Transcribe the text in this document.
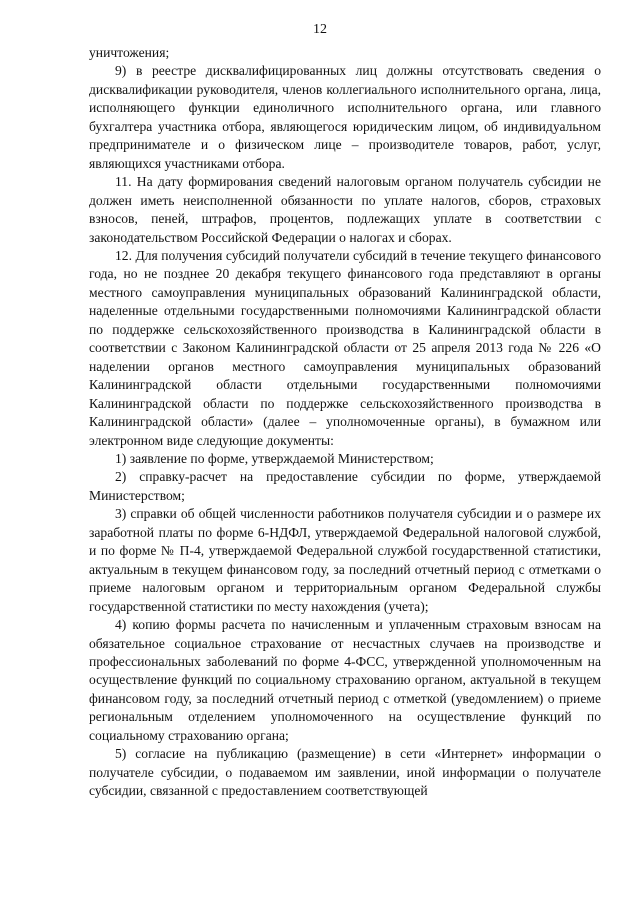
12

уничтожения;

9) в реестре дисквалифицированных лиц должны отсутствовать сведения о дисквалификации руководителя, членов коллегиального исполнительного органа, лица, исполняющего функции единоличного исполнительного органа, или главного бухгалтера участника отбора, являющегося юридическим лицом, об индивидуальном предпринимателе и о физическом лице – производителе товаров, работ, услуг, являющихся участниками отбора.

11. На дату формирования сведений налоговым органом получатель субсидии не должен иметь неисполненной обязанности по уплате налогов, сборов, страховых взносов, пеней, штрафов, процентов, подлежащих уплате в соответствии с законодательством Российской Федерации о налогах и сборах.

12. Для получения субсидий получатели субсидий в течение текущего финансового года, но не позднее 20 декабря текущего финансового года представляют в органы местного самоуправления муниципальных образований Калининградской области, наделенные отдельными государственными полномочиями Калининградской области по поддержке сельскохозяйственного производства в Калининградской области в соответствии с Законом Калининградской области от 25 апреля 2013 года № 226 «О наделении органов местного самоуправления муниципальных образований Калининградской области отдельными государственными полномочиями Калининградской области по поддержке сельскохозяйственного производства в Калининградской области» (далее – уполномоченные органы), в бумажном или электронном виде следующие документы:

1) заявление по форме, утверждаемой Министерством;

2) справку-расчет на предоставление субсидии по форме, утверждаемой Министерством;

3) справки об общей численности работников получателя субсидии и о размере их заработной платы по форме 6-НДФЛ, утверждаемой Федеральной налоговой службой, и по форме № П-4, утверждаемой Федеральной службой государственной статистики, актуальным в текущем финансовом году, за последний отчетный период с отметками о приеме налоговым органом и территориальным органом Федеральной службы государственной статистики по месту нахождения (учета);

4) копию формы расчета по начисленным и уплаченным страховым взносам на обязательное социальное страхование от несчастных случаев на производстве и профессиональных заболеваний по форме 4-ФСС, утвержденной уполномоченным на осуществление функций по социальному страхованию органом, актуальной в текущем финансовом году, за последний отчетный период с отметкой (уведомлением) о приеме региональным отделением уполномоченного на осуществление функций по социальному страхованию органа;

5) согласие на публикацию (размещение) в сети «Интернет» информации о получателе субсидии, о подаваемом им заявлении, иной информации о получателе субсидии, связанной с предоставлением соответствующей
